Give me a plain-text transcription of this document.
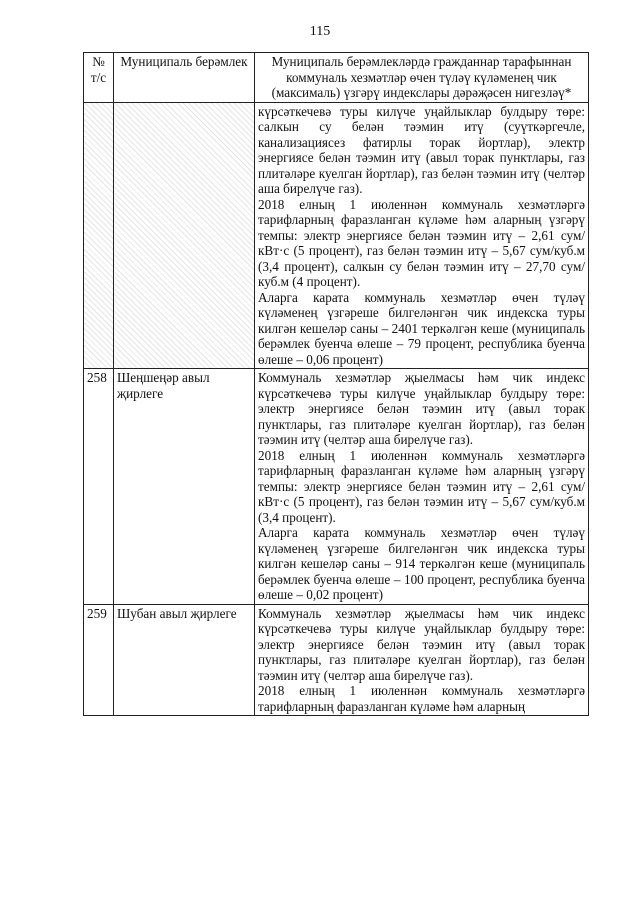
115
№ т/с	Муниципаль берәмлек	Муниципаль берәмлекләрдә гражданнар тарафыннан коммуналь хезмәтләр өчен түләү күләменең чик (максималь) үзгәрү индекслары дәрәҗәсен нигезләү*

		күрсәткечевә туры килүче уңайлыклар булдыру төре: салкын су белән тәэмин итү (суүткәргечле, канализациясез фатирлы торак йортлар), электр энергиясе белән тәэмин итү (авыл торак пунктлары, газ плитәләре куелган йортлар), газ белән тәэмин итү (челтәр аша бирелүче газ).

2018 елның 1 июленнән коммуналь хезмәтләргә тарифларның фаразланган күләме һәм аларның үзгәрү темпы: электр энергиясе белән тәэмин итү – 2,61 сум/кВт·с (5 процент), газ белән тәэмин итү – 5,67 сум/куб.м (3,4 процент), салкын су белән тәэмин итү – 27,70 сум/куб.м (4 процент).

Аларга карата коммуналь хезмәтләр өчен түләү күләменең үзгәреше билгеләнгән чик индекска туры килгән кешеләр саны – 2401 теркәлгән кеше (муниципаль берәмлек буенча өлеше – 79 процент, республика буенча өлеше – 0,06 процент)

258	Шеңшеңәр авыл җирлеге	Коммуналь хезмәтләр җыелмасы һәм чик индекс күрсәткечевә туры килүче уңайлыклар булдыру төре: электр энергиясе белән тәэмин итү (авыл торак пунктлары, газ плитәләре куелган йортлар), газ белән тәэмин итү (челтәр аша бирелүче газ).

2018 елның 1 июленнән коммуналь хезмәтләргә тарифларның фаразланган күләме һәм аларның үзгәрү темпы: электр энергиясе белән тәэмин итү – 2,61 сум/кВт·с (5 процент), газ белән тәэмин итү – 5,67 сум/куб.м (3,4 процент).

Аларга карата коммуналь хезмәтләр өчен түләү күләменең үзгәреше билгеләнгән чик индекска туры килгән кешеләр саны – 914 теркәлгән кеше (муниципаль берәмлек буенча өлеше – 100 процент, республика буенча өлеше – 0,02 процент)

259	Шубан авыл җирлеге	Коммуналь хезмәтләр җыелмасы һәм чик индекс күрсәткечевә туры килүче уңайлыклар булдыру төре: электр энергиясе белән тәэмин итү (авыл торак пунктлары, газ плитәләре куелган йортлар), газ белән тәэмин итү (челтәр аша бирелүче газ).

2018 елның 1 июленнән коммуналь хезмәтләргә тарифларның фаразланган күләме һәм аларның
